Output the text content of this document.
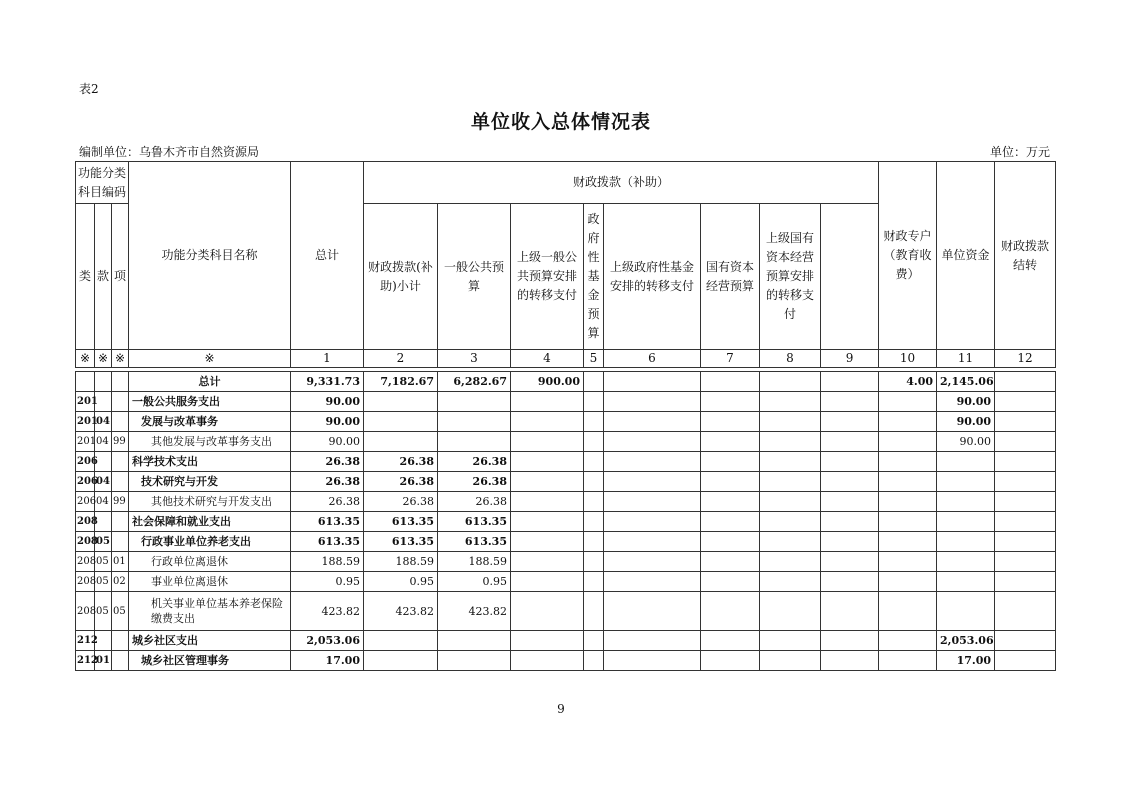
表2
单位收入总体情况表
编制单位：乌鲁木齐市自然资源局	单位：万元
功能分类科目编码			功能分类科目名称	总计	财政拨款（补助）								财政专户（教育收费）	单位资金	财政拨款结转	
类	款	项			财政拨款(补助)小计	一般公共预算	上级一般公共预算安排的转移支付	政府性基金预算	上级政府性基金安排的转移支付	国有资本经营预算	上级国有资本经营预算安排的转移支付					
※	※	※	※	1	2	3	4	5	6	7	8	9	10	11	12	

			总计	9,331.73	7,182.67	6,282.67	900.00						4.00	2,145.06		
201			一般公共服务支出	90.00										90.00		
201	04		发展与改革事务	90.00										90.00		
201	04	99	其他发展与改革事务支出	90.00										90.00		
206			科学技术支出	26.38	26.38	26.38										
206	04		技术研究与开发	26.38	26.38	26.38										
206	04	99	其他技术研究与开发支出	26.38	26.38	26.38										
208			社会保障和就业支出	613.35	613.35	613.35										
208	05		行政事业单位养老支出	613.35	613.35	613.35										
208	05	01	行政单位离退休	188.59	188.59	188.59										
208	05	02	事业单位离退休	0.95	0.95	0.95										
208	05	05	机关事业单位基本养老保险缴费支出	423.82	423.82	423.82										
212			城乡社区支出	2,053.06										2,053.06		
212	01		城乡社区管理事务	17.00										17.00		
9
